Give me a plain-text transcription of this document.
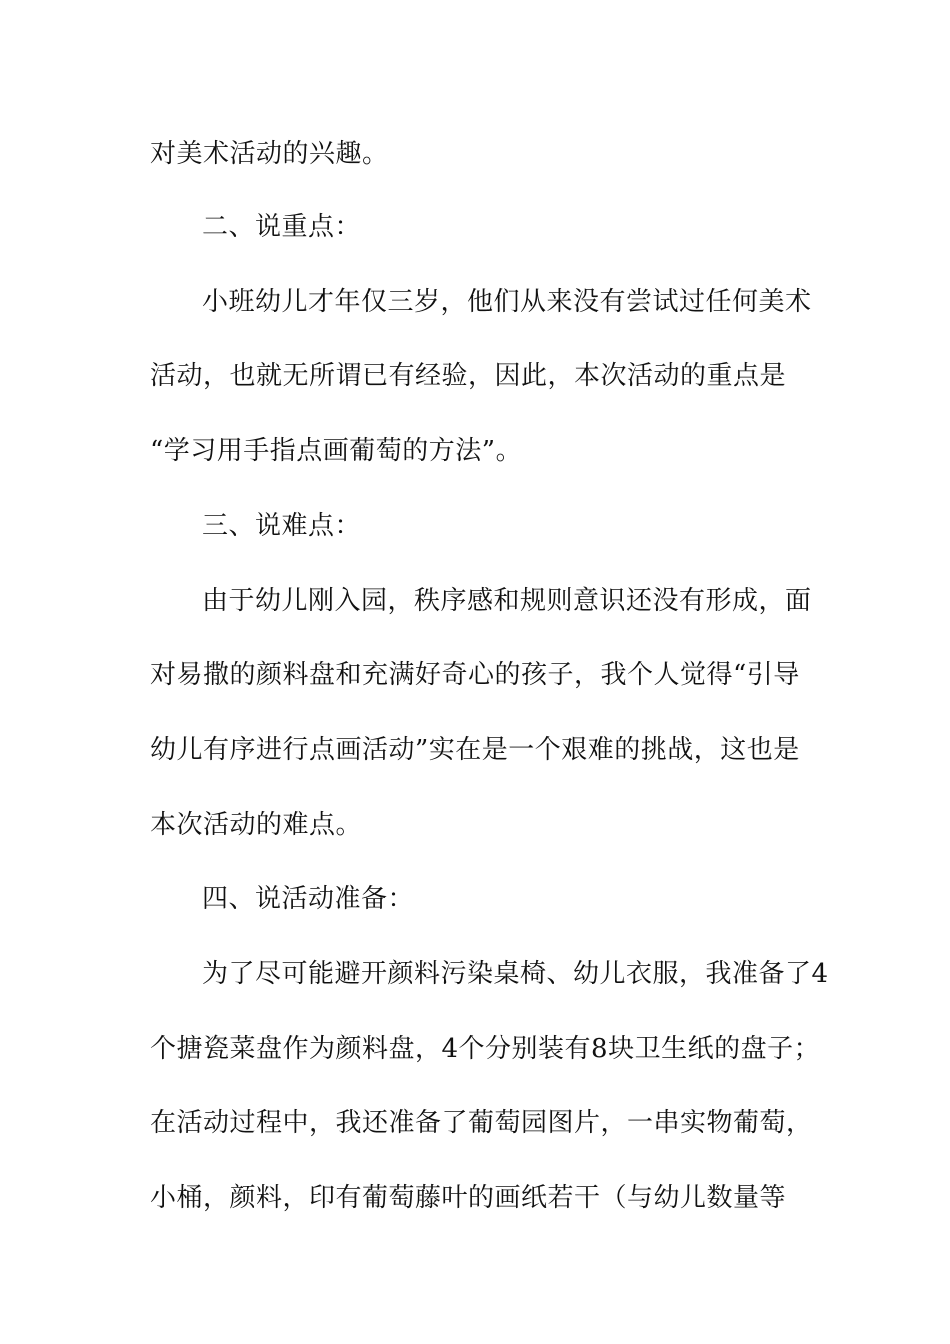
对美术活动的兴趣。
二、说重点：
小班幼儿才年仅三岁，他们从来没有尝试过任何美术
活动，也就无所谓已有经验，因此，本次活动的重点是
“学习用手指点画葡萄的方法”。
三、说难点：
由于幼儿刚入园，秩序感和规则意识还没有形成，面
对易撒的颜料盘和充满好奇心的孩子，我个人觉得“引导
幼儿有序进行点画活动”实在是一个艰难的挑战，这也是
本次活动的难点。
四、说活动准备：
为了尽可能避开颜料污染桌椅、幼儿衣服，我准备了4
个搪瓷菜盘作为颜料盘，4个分别装有8块卫生纸的盘子；
在活动过程中，我还准备了葡萄园图片，一串实物葡萄，
小桶，颜料，印有葡萄藤叶的画纸若干（与幼儿数量等
